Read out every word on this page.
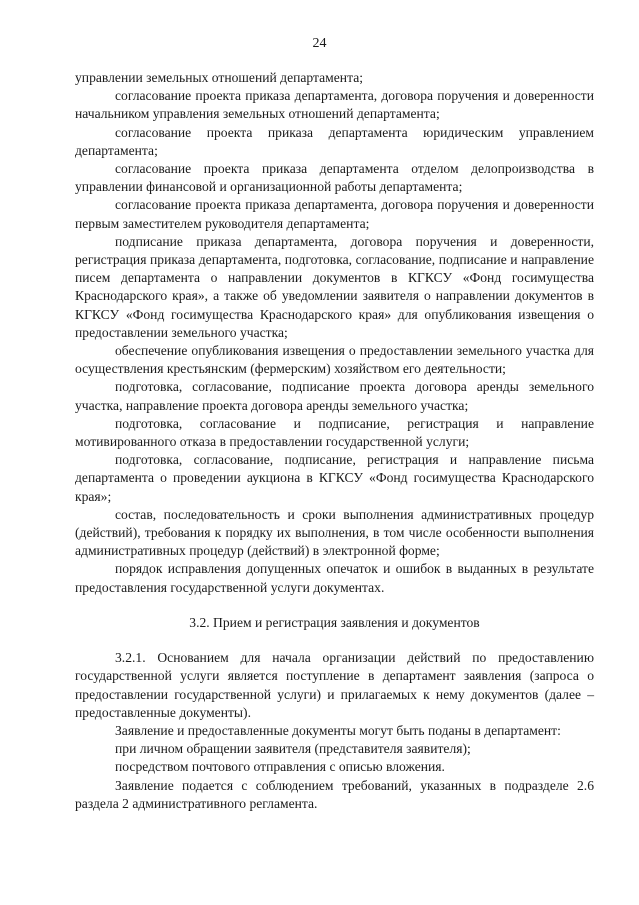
24

управлении земельных отношений департамента;

согласование проекта приказа департамента, договора поручения и доверенности начальником управления земельных отношений департамента;

согласование проекта приказа департамента юридическим управлением департамента;

согласование проекта приказа департамента отделом делопроизводства в управлении финансовой и организационной работы департамента;

согласование проекта приказа департамента, договора поручения и доверенности первым заместителем руководителя департамента;

подписание приказа департамента, договора поручения и доверенности, регистрация приказа департамента, подготовка, согласование, подписание и направление писем департамента о направлении документов в КГКСУ «Фонд госимущества Краснодарского края», а также об уведомлении заявителя о направлении документов в КГКСУ «Фонд госимущества Краснодарского края» для опубликования извещения о предоставлении земельного участка;

обеспечение опубликования извещения о предоставлении земельного участка для осуществления крестьянским (фермерским) хозяйством его деятельности;

подготовка, согласование, подписание проекта договора аренды земельного участка, направление проекта договора аренды земельного участка;

подготовка, согласование и подписание, регистрация и направление мотивированного отказа в предоставлении государственной услуги;

подготовка, согласование, подписание, регистрация и направление письма департамента о проведении аукциона в КГКСУ «Фонд госимущества Краснодарского края»;

состав, последовательность и сроки выполнения административных процедур (действий), требования к порядку их выполнения, в том числе особенности выполнения административных процедур (действий) в электронной форме;

порядок исправления допущенных опечаток и ошибок в выданных в результате предоставления государственной услуги документах.

3.2. Прием и регистрация заявления и документов

3.2.1. Основанием для начала организации действий по предоставлению государственной услуги является поступление в департамент заявления (запроса о предоставлении государственной услуги) и прилагаемых к нему документов (далее – предоставленные документы).

Заявление и предоставленные документы могут быть поданы в департамент:

при личном обращении заявителя (представителя заявителя);

посредством почтового отправления с описью вложения.

Заявление подается с соблюдением требований, указанных в подразделе 2.6 раздела 2 административного регламента.
